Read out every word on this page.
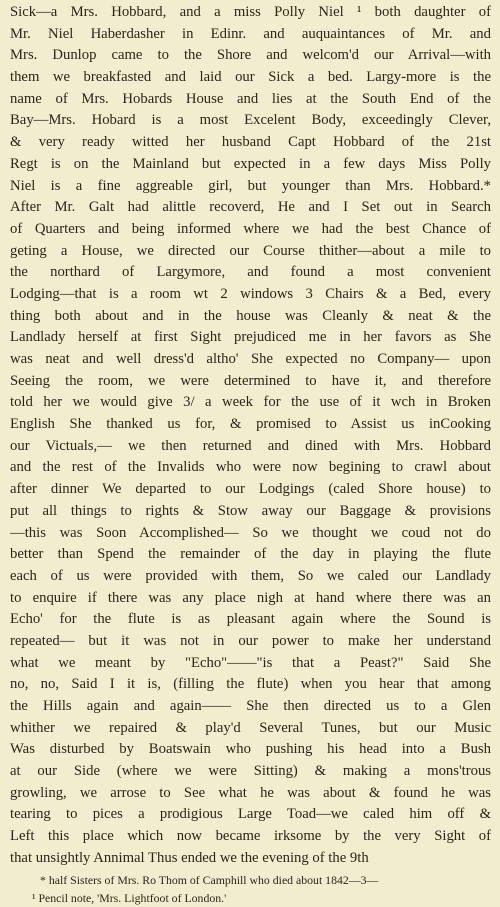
Sick—a Mrs. Hobbard, and a miss Polly Niel ¹ both daughter of
Mr. Niel Haberdasher in Edinr. and auquaintances of Mr. and
Mrs. Dunlop came to the Shore and welcom'd our Arrival—with
them we breakfasted and laid our Sick a bed. Largy-more is the
name of Mrs. Hobards House and lies at the South End of the
Bay—Mrs. Hobard is a most Excelent Body, exceedingly Clever,
& very ready witted her husband Capt Hobbard of the 21st
Regt is on the Mainland but expected in a few days Miss Polly
Niel is a fine aggreable girl, but younger than Mrs. Hobbard.*
After Mr. Galt had alittle recoverd, He and I Set out in Search
of Quarters and being informed where we had the best Chance of
geting a House, we directed our Course thither—about a mile to
the northard of Largymore, and found a most convenient
Lodging—that is a room wt 2 windows 3 Chairs & a Bed, every
thing both about and in the house was Cleanly & neat & the
Landlady herself at first Sight prejudiced me in her favors as She
was neat and well dress'd altho' She expected no Company— upon
Seeing the room, we were determined to have it, and therefore
told her we would give 3/ a week for the use of it wch in Broken
English She thanked us for, & promised to Assist us inCooking
our Victuals,— we then returned and dined with Mrs. Hobbard
and the rest of the Invalids who were now begining to crawl about
after dinner We departed to our Lodgings (caled Shore house) to
put all things to rights & Stow away our Baggage & provisions
—this was Soon Accomplished— So we thought we coud not do
better than Spend the remainder of the day in playing the flute
each of us were provided with them, So we caled our Landlady
to enquire if there was any place nigh at hand where there was an
Echo' for the flute is as pleasant again where the Sound is
repeated— but it was not in our power to make her understand
what we meant by "Echo"——"is that a Peast?" Said She
no, no, Said I it is, (filling the flute) when you hear that among
the Hills again and again—— She then directed us to a Glen
whither we repaired & play'd Several Tunes, but our Music
Was disturbed by Boatswain who pushing his head into a Bush
at our Side (where we were Sitting) & making a mons'trous
growling, we arrose to See what he was about & found he was
tearing to pices a prodigious Large Toad—we caled him off &
Left this place which now became irksome by the very Sight of
that unsightly Annimal Thus ended we the evening of the 9th
* half Sisters of Mrs. Ro Thom of Camphill who died about 1842—3—
¹ Pencil note, 'Mrs. Lightfoot of London.'
